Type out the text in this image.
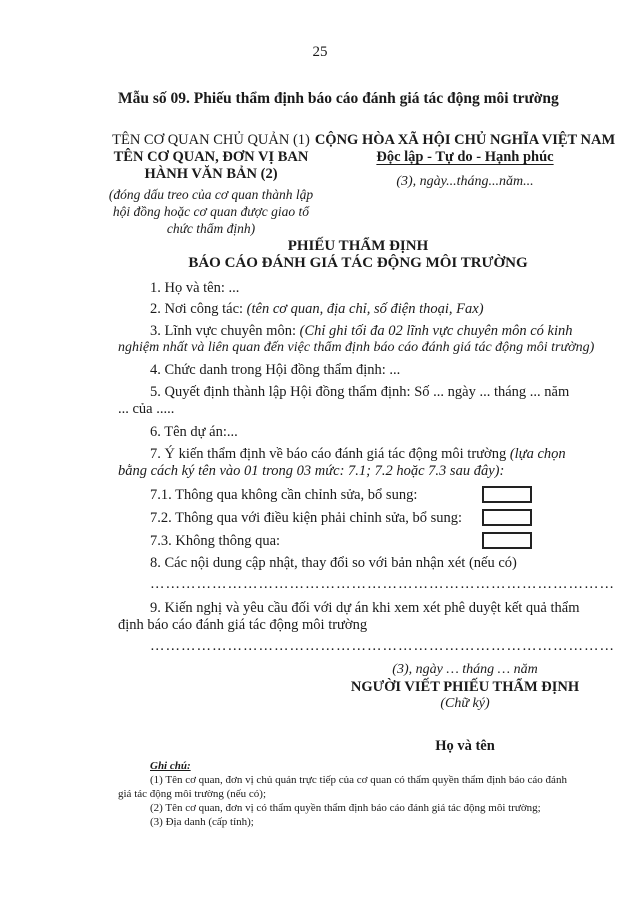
25
Mẫu số 09. Phiếu thẩm định báo cáo đánh giá tác động môi trường
TÊN CƠ QUAN CHỦ QUẢN (1)
TÊN CƠ QUAN, ĐƠN VỊ BAN
HÀNH VĂN BẢN (2)
(đóng dấu treo của cơ quan thành lập hội đồng hoặc cơ quan được giao tổ chức thẩm định)
CỘNG HÒA XÃ HỘI CHỦ NGHĨA VIỆT NAM
Độc lập - Tự do - Hạnh phúc
(3), ngày...tháng...năm...
PHIẾU THẨM ĐỊNH
BÁO CÁO ĐÁNH GIÁ TÁC ĐỘNG MÔI TRƯỜNG
1. Họ và tên: ...
2. Nơi công tác: (tên cơ quan, địa chỉ, số điện thoại, Fax)
3. Lĩnh vực chuyên môn: (Chỉ ghi tối đa 02 lĩnh vực chuyên môn có kinh
nghiệm nhất và liên quan đến việc thẩm định báo cáo đánh giá tác động môi trường)
4. Chức danh trong Hội đồng thẩm định: ...
5. Quyết định thành lập Hội đồng thẩm định: Số ... ngày ... tháng ... năm
... của .....
6. Tên dự án:...
7. Ý kiến thẩm định về báo cáo đánh giá tác động môi trường (lựa chọn
bằng cách ký tên vào 01 trong 03 mức: 7.1; 7.2 hoặc 7.3 sau đây):
7.1. Thông qua không cần chỉnh sửa, bổ sung:
7.2. Thông qua với điều kiện phải chỉnh sửa, bổ sung:
7.3. Không thông qua:
8. Các nội dung cập nhật, thay đổi so với bản nhận xét (nếu có)
………………………………………………………………………………
9. Kiến nghị và yêu cầu đối với dự án khi xem xét phê duyệt kết quả thẩm
định báo cáo đánh giá tác động môi trường
………………………………………………………………………………
(3), ngày … tháng … năm
NGƯỜI VIẾT PHIẾU THẨM ĐỊNH
(Chữ ký)
Họ và tên
Ghi chú:
(1) Tên cơ quan, đơn vị chủ quản trực tiếp của cơ quan có thẩm quyền thẩm định báo cáo đánh
giá tác động môi trường (nếu có);
(2) Tên cơ quan, đơn vị có thẩm quyền thẩm định báo cáo đánh giá tác động môi trường;
(3) Địa danh (cấp tỉnh);
